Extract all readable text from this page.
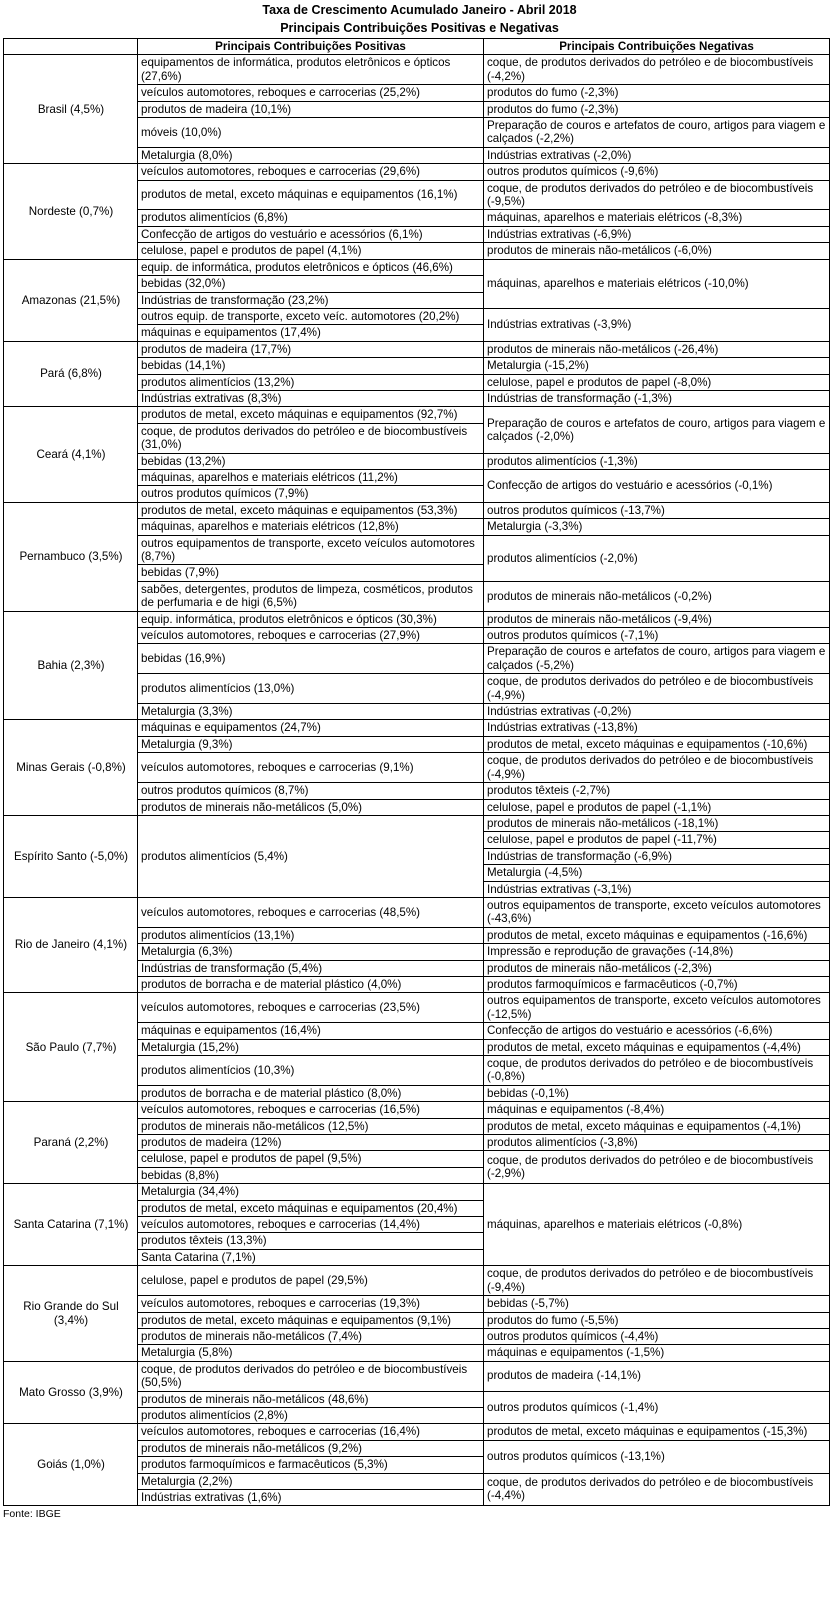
Taxa de Crescimento Acumulado Janeiro - Abril 2018
Principais Contribuições Positivas e Negativas
	Principais Contribuições Positivas	Principais Contribuições Negativas
Brasil (4,5%)	equipamentos de informática, produtos eletrônicos e ópticos (27,6%)	coque, de produtos derivados do petróleo e de biocombustíveis (-4,2%)

	veículos automotores, reboques e carrocerias (25,2%)	produtos do fumo (-2,3%)
	produtos de madeira (10,1%)	produtos do fumo (-2,3%)
	móveis (10,0%)	Preparação de couros e artefatos de couro, artigos para viagem e calçados (-2,2%)

	Metalurgia (8,0%)	Indústrias extrativas (-2,0%)
Nordeste (0,7%)	veículos automotores, reboques e carrocerias (29,6%)	outros produtos químicos (-9,6%)
	produtos de metal, exceto máquinas e equipamentos (16,1%)	coque, de produtos derivados do petróleo e de biocombustíveis (-9,5%)

	produtos alimentícios (6,8%)	máquinas, aparelhos e materiais elétricos (-8,3%)
	Confecção de artigos do vestuário e acessórios (6,1%)	Indústrias extrativas (-6,9%)
	celulose, papel e produtos de papel (4,1%)	produtos de minerais não-metálicos (-6,0%)
Amazonas (21,5%)	equip. de informática, produtos eletrônicos e ópticos (46,6%)	máquinas, aparelhos e materiais elétricos (-10,0%)
	bebidas (32,0%)	
	Indústrias de transformação (23,2%)	
	outros equip. de transporte, exceto veíc. automotores (20,2%)	Indústrias extrativas (-3,9%)
	máquinas e equipamentos (17,4%)	
Pará (6,8%)	produtos de madeira (17,7%)	produtos de minerais não-metálicos (-26,4%)
	bebidas (14,1%)	Metalurgia (-15,2%)
	produtos alimentícios (13,2%)	celulose, papel e produtos de papel (-8,0%)
	Indústrias extrativas (8,3%)	Indústrias de transformação (-1,3%)
Ceará (4,1%)	produtos de metal, exceto máquinas e equipamentos (92,7%)	Preparação de couros e artefatos de couro, artigos para viagem e calçados (-2,0%)
	coque, de produtos derivados do petróleo e de biocombustíveis (31,0%)	

	bebidas (13,2%)	produtos alimentícios (-1,3%)
	máquinas, aparelhos e materiais elétricos (11,2%)	Confecção de artigos do vestuário e acessórios (-0,1%)
	outros produtos químicos (7,9%)	
Pernambuco (3,5%)	produtos de metal, exceto máquinas e equipamentos (53,3%)	outros produtos químicos (-13,7%)
	máquinas, aparelhos e materiais elétricos (12,8%)	Metalurgia (-3,3%)
	outros equipamentos de transporte, exceto veículos automotores (8,7%)	produtos alimentícios (-2,0%)

	bebidas (7,9%)	
	sabões, detergentes, produtos de limpeza, cosméticos, produtos de perfumaria e de higi (6,5%)	produtos de minerais não-metálicos (-0,2%)

Bahia (2,3%)	equip. informática, produtos eletrônicos e ópticos (30,3%)	produtos de minerais não-metálicos (-9,4%)
	veículos automotores, reboques e carrocerias (27,9%)	outros produtos químicos (-7,1%)
	bebidas (16,9%)	Preparação de couros e artefatos de couro, artigos para viagem e calçados (-5,2%)

	produtos alimentícios (13,0%)	coque, de produtos derivados do petróleo e de biocombustíveis (-4,9%)

	Metalurgia (3,3%)	Indústrias extrativas (-0,2%)
Minas Gerais (-0,8%)	máquinas e equipamentos (24,7%)	Indústrias extrativas (-13,8%)
	Metalurgia (9,3%)	produtos de metal, exceto máquinas e equipamentos (-10,6%)
	veículos automotores, reboques e carrocerias (9,1%)	coque, de produtos derivados do petróleo e de biocombustíveis (-4,9%)

	outros produtos químicos (8,7%)	produtos têxteis (-2,7%)
	produtos de minerais não-metálicos (5,0%)	celulose, papel e produtos de papel (-1,1%)
Espírito Santo (-5,0%)	produtos alimentícios (5,4%)	produtos de minerais não-metálicos (-18,1%)
		celulose, papel e produtos de papel (-11,7%)
		Indústrias de transformação (-6,9%)
		Metalurgia (-4,5%)
		Indústrias extrativas (-3,1%)
Rio de Janeiro (4,1%)	veículos automotores, reboques e carrocerias (48,5%)	outros equipamentos de transporte, exceto veículos automotores (-43,6%)

	produtos alimentícios (13,1%)	produtos de metal, exceto máquinas e equipamentos (-16,6%)
	Metalurgia (6,3%)	Impressão e reprodução de gravações (-14,8%)
	Indústrias de transformação (5,4%)	produtos de minerais não-metálicos (-2,3%)
	produtos de borracha e de material plástico (4,0%)	produtos farmoquímicos e farmacêuticos (-0,7%)
São Paulo (7,7%)	veículos automotores, reboques e carrocerias (23,5%)	outros equipamentos de transporte, exceto veículos automotores (-12,5%)

	máquinas e equipamentos (16,4%)	Confecção de artigos do vestuário e acessórios (-6,6%)
	Metalurgia (15,2%)	produtos de metal, exceto máquinas e equipamentos (-4,4%)
	produtos alimentícios (10,3%)	coque, de produtos derivados do petróleo e de biocombustíveis (-0,8%)

	produtos de borracha e de material plástico (8,0%)	bebidas (-0,1%)
Paraná (2,2%)	veículos automotores, reboques e carrocerias (16,5%)	máquinas e equipamentos (-8,4%)
	produtos de minerais não-metálicos (12,5%)	produtos de metal, exceto máquinas e equipamentos (-4,1%)
	produtos de madeira (12%)	produtos alimentícios (-3,8%)
	celulose, papel e produtos de papel (9,5%)	coque, de produtos derivados do petróleo e de biocombustíveis (-2,9%)
	bebidas (8,8%)	
Santa Catarina (7,1%)	Metalurgia (34,4%)	máquinas, aparelhos e materiais elétricos (-0,8%)
	produtos de metal, exceto máquinas e equipamentos (20,4%)	
	veículos automotores, reboques e carrocerias (14,4%)	
	produtos têxteis (13,3%)	
	Santa Catarina (7,1%)	
Rio Grande do Sul (3,4%)	celulose, papel e produtos de papel (29,5%)	coque, de produtos derivados do petróleo e de biocombustíveis (-9,4%)

	veículos automotores, reboques e carrocerias (19,3%)	bebidas (-5,7%)
	produtos de metal, exceto máquinas e equipamentos (9,1%)	produtos do fumo (-5,5%)
	produtos de minerais não-metálicos (7,4%)	outros produtos químicos (-4,4%)
	Metalurgia (5,8%)	máquinas e equipamentos (-1,5%)
Mato Grosso (3,9%)	coque, de produtos derivados do petróleo e de biocombustíveis (50,5%)	produtos de madeira (-14,1%)

	produtos de minerais não-metálicos (48,6%)	outros produtos químicos (-1,4%)
	produtos alimentícios (2,8%)	
Goiás (1,0%)	veículos automotores, reboques e carrocerias (16,4%)	produtos de metal, exceto máquinas e equipamentos (-15,3%)
	produtos de minerais não-metálicos (9,2%)	outros produtos químicos (-13,1%)
	produtos farmoquímicos e farmacêuticos (5,3%)	
	Metalurgia (2,2%)	coque, de produtos derivados do petróleo e de biocombustíveis (-4,4%)
	Indústrias extrativas (1,6%)	
Fonte: IBGE
